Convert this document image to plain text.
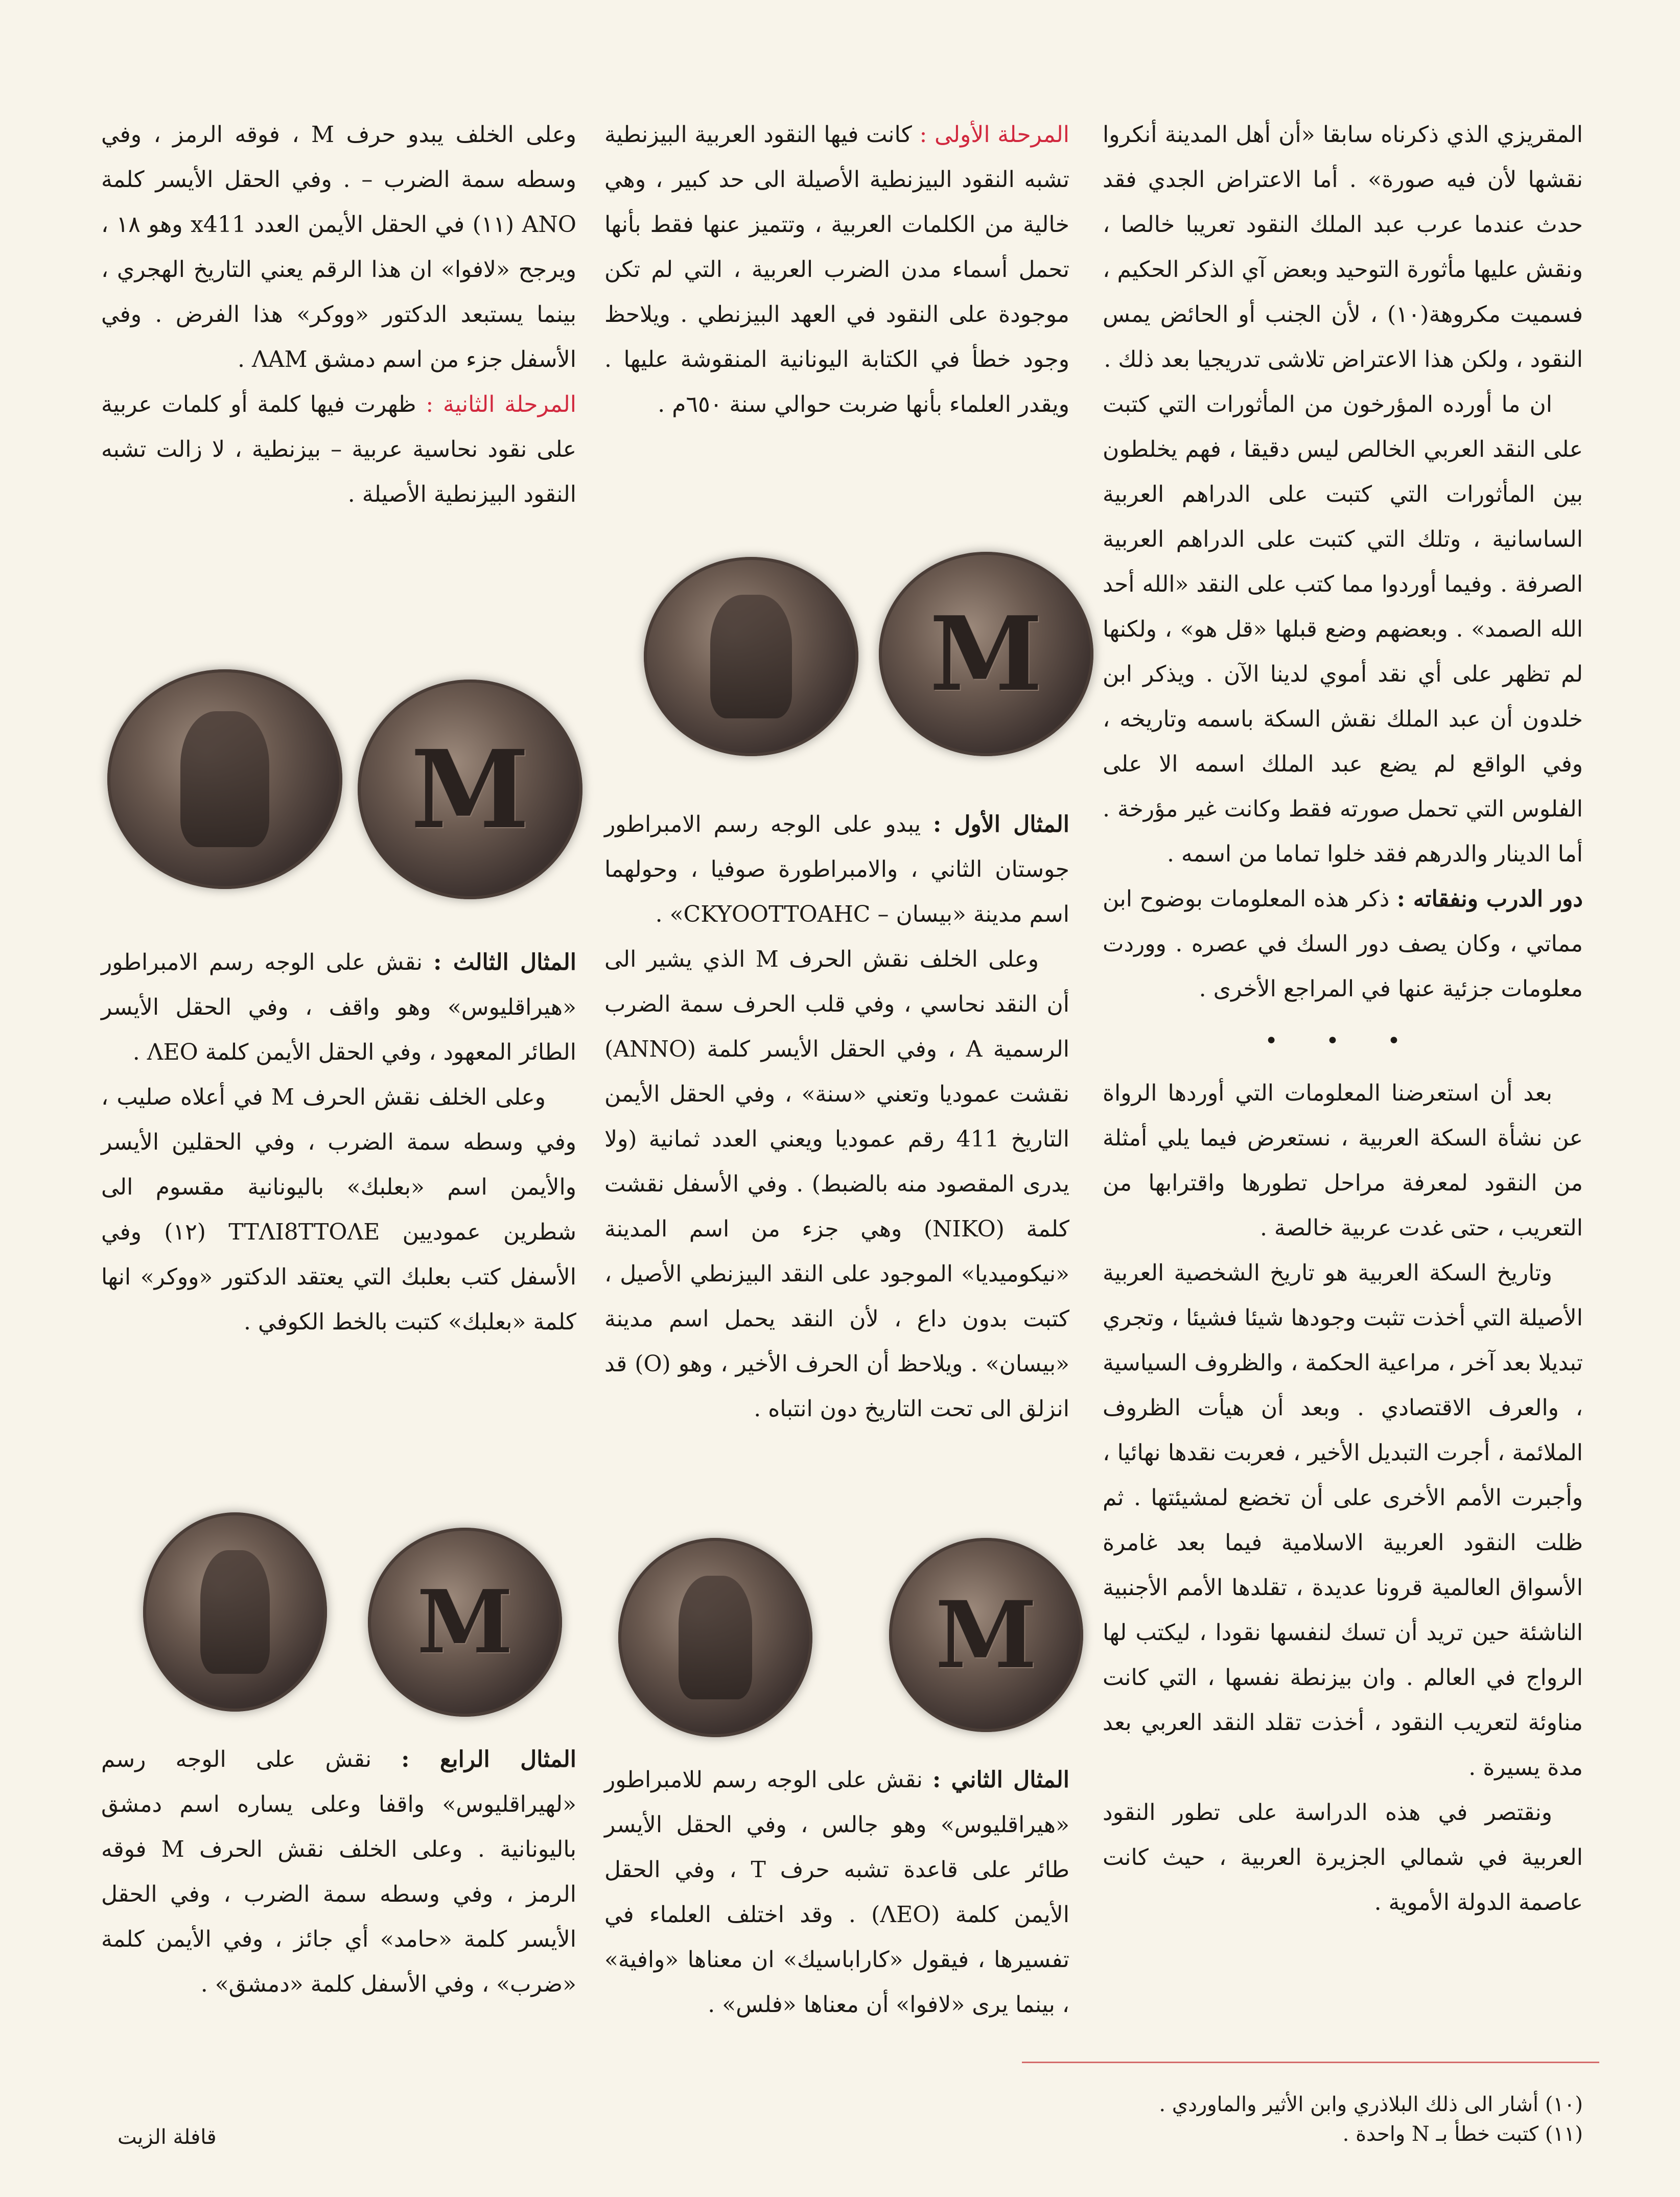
المقريزي الذي ذكرناه سابقا «أن أهل المدينة أنكروا نقشها لأن فيه صورة» . أما الاعتراض الجدي فقد حدث عندما عرب عبد الملك النقود تعريبا خالصا ، ونقش عليها مأثورة التوحيد وبعض آي الذكر الحكيم ، فسميت مكروهة(١٠) ، لأن الجنب أو الحائض يمس النقود ، ولكن هذا الاعتراض تلاشى تدريجيا بعد ذلك .

ان ما أورده المؤرخون من المأثورات التي كتبت على النقد العربي الخالص ليس دقيقا ، فهم يخلطون بين المأثورات التي كتبت على الدراهم العربية الساسانية ، وتلك التي كتبت على الدراهم العربية الصرفة . وفيما أوردوا مما كتب على النقد «الله أحد الله الصمد» . وبعضهم وضع قبلها «قل هو» ، ولكنها لم تظهر على أي نقد أموي لدينا الآن . ويذكر ابن خلدون أن عبد الملك نقش السكة باسمه وتاريخه ، وفي الواقع لم يضع عبد الملك اسمه الا على الفلوس التي تحمل صورته فقط وكانت غير مؤرخة . أما الدينار والدرهم فقد خلوا تماما من اسمه .

دور الدرب ونفقاته : ذكر هذه المعلومات بوضوح ابن مماتي ، وكان يصف دور السك في عصره . ووردت معلومات جزئية عنها في المراجع الأخرى .

• • •

بعد أن استعرضنا المعلومات التي أوردها الرواة عن نشأة السكة العربية ، نستعرض فيما يلي أمثلة من النقود لمعرفة مراحل تطورها واقترابها من التعريب ، حتى غدت عربية خالصة .

وتاريخ السكة العربية هو تاريخ الشخصية العربية الأصيلة التي أخذت تثبت وجودها شيئا فشيئا ، وتجري تبديلا بعد آخر ، مراعية الحكمة ، والظروف السياسية ، والعرف الاقتصادي . وبعد أن هيأت الظروف الملائمة ، أجرت التبديل الأخير ، فعربت نقدها نهائيا ، وأجبرت الأمم الأخرى على أن تخضع لمشيئتها . ثم ظلت النقود العربية الاسلامية فيما بعد غامرة الأسواق العالمية قرونا عديدة ، تقلدها الأمم الأجنبية الناشئة حين تريد أن تسك لنفسها نقودا ، ليكتب لها الرواج في العالم . وان بيزنطة نفسها ، التي كانت مناوئة لتعريب النقود ، أخذت تقلد النقد العربي بعد مدة يسيرة .

ونقتصر في هذه الدراسة على تطور النقود العربية في شمالي الجزيرة العربية ، حيث كانت عاصمة الدولة الأموية .

المرحلة الأولى : كانت فيها النقود العربية البيزنطية تشبه النقود البيزنطية الأصيلة الى حد كبير ، وهي خالية من الكلمات العربية ، وتتميز عنها فقط بأنها تحمل أسماء مدن الضرب العربية ، التي لم تكن موجودة على النقود في العهد البيزنطي . ويلاحظ وجود خطأ في الكتابة اليونانية المنقوشة عليها . ويقدر العلماء بأنها ضربت حوالي سنة ٦٥٠م .

M

المثال الأول : يبدو على الوجه رسم الامبراطور جوستان الثاني ، والامبراطورة صوفيا ، وحولهما اسم مدينة «بيسان – CKYOOTTOAHC» .

وعلى الخلف نقش الحرف M الذي يشير الى أن النقد نحاسي ، وفي قلب الحرف سمة الضرب الرسمية A ، وفي الحقل الأيسر كلمة (ANNO) نقشت عموديا وتعني «سنة» ، وفي الحقل الأيمن التاريخ 411 رقم عموديا ويعني العدد ثمانية (ولا يدرى المقصود منه بالضبط) . وفي الأسفل نقشت كلمة (NIKO) وهي جزء من اسم المدينة «نيكوميديا» الموجود على النقد البيزنطي الأصيل ، كتبت بدون داع ، لأن النقد يحمل اسم مدينة «بيسان» . ويلاحظ أن الحرف الأخير ، وهو (O) قد انزلق الى تحت التاريخ دون انتباه .

M

المثال الثاني : نقش على الوجه رسم للامبراطور «هيراقليوس» وهو جالس ، وفي الحقل الأيسر طائر على قاعدة تشبه حرف T ، وفي الحقل الأيمن كلمة (ΛEO) . وقد اختلف العلماء في تفسيرها ، فيقول «كاراباسيك» ان معناها «وافية» ، بينما يرى «لافوا» أن معناها «فلس» .

وعلى الخلف يبدو حرف M ، فوقه الرمز ، وفي وسطه سمة الضرب – . وفي الحقل الأيسر كلمة ANO (١١) في الحقل الأيمن العدد x411 وهو ١٨ ، ويرجح «لافوا» ان هذا الرقم يعني التاريخ الهجري ، بينما يستبعد الدكتور «ووكر» هذا الفرض . وفي الأسفل جزء من اسم دمشق ΛAM .

المرحلة الثانية : ظهرت فيها كلمة أو كلمات عربية على نقود نحاسية عربية – بيزنطية ، لا زالت تشبه النقود البيزنطية الأصيلة .

M

المثال الثالث : نقش على الوجه رسم الامبراطور «هيراقليوس» وهو واقف ، وفي الحقل الأيسر الطائر المعهود ، وفي الحقل الأيمن كلمة ΛEO .

وعلى الخلف نقش الحرف M في أعلاه صليب ، وفي وسطه سمة الضرب ، وفي الحقلين الأيسر والأيمن اسم «بعلبك» باليونانية مقسوم الى شطرين عموديين TTΛI8TTOΛE (١٢) وفي الأسفل كتب بعلبك التي يعتقد الدكتور «ووكر» انها كلمة «بعلبك» كتبت بالخط الكوفي .

M

المثال الرابع : نقش على الوجه رسم «لهيراقليوس» واقفا وعلى يساره اسم دمشق باليونانية . وعلى الخلف نقش الحرف M فوقه الرمز ، وفي وسطه سمة الضرب ، وفي الحقل الأيسر كلمة «حامد» أي جائز ، وفي الأيمن كلمة «ضرب» ، وفي الأسفل كلمة «دمشق» .

(١٠) أشار الى ذلك البلاذري وابن الأثير والماوردي .

(١١) كتبت خطأ بـ N واحدة .

قافلة الزيت
